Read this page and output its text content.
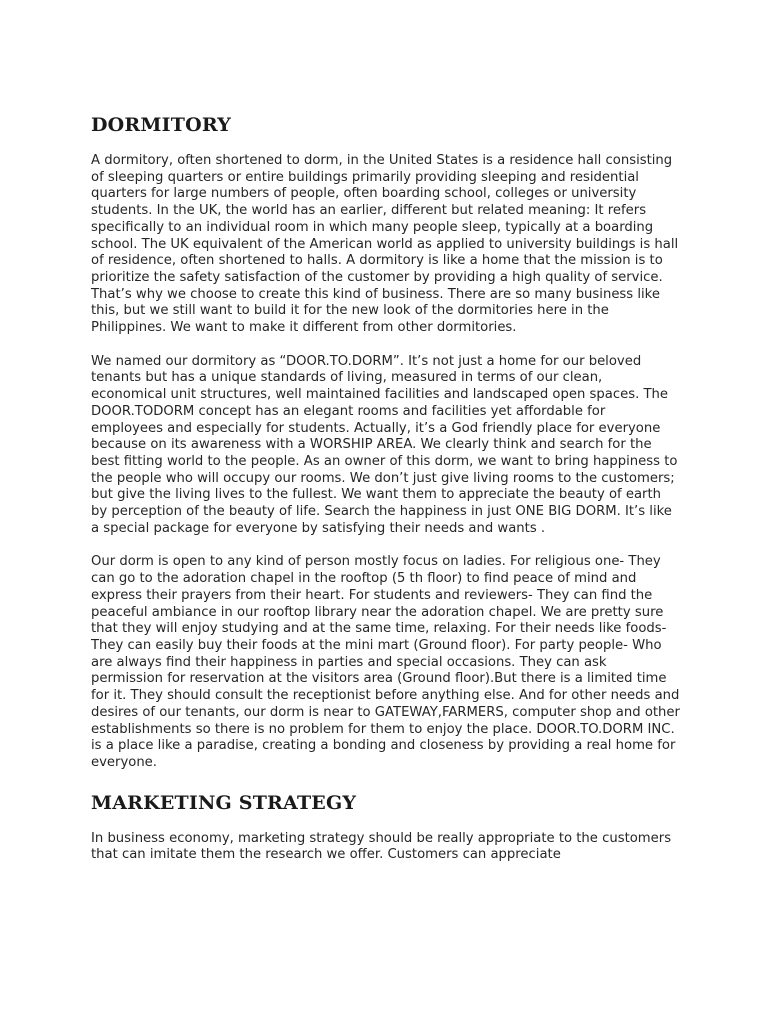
DORMITORY

A dormitory, often shortened to dorm, in the United States is a residence hall consisting of sleeping quarters or entire buildings primarily providing sleeping and residential quarters for large numbers of people, often boarding school, colleges or university students. In the UK, the world has an earlier, different but related meaning: It refers specifically to an individual room in which many people sleep, typically at a boarding school. The UK equivalent of the American world as applied to university buildings is hall of residence, often shortened to halls. A dormitory is like a home that the mission is to prioritize the safety satisfaction of the customer by providing a high quality of service. That’s why we choose to create this kind of business. There are so many business like this, but we still want to build it for the new look of the dormitories here in the Philippines. We want to make it different from other dormitories.

We named our dormitory as “DOOR.TO.DORM”. It’s not just a home for our beloved tenants but has a unique standards of living, measured in terms of our clean, economical unit structures, well maintained facilities and landscaped open spaces. The DOOR.TODORM concept has an elegant rooms and facilities yet affordable for employees and especially for students. Actually, it’s a God friendly place for everyone because on its awareness with a WORSHIP AREA. We clearly think and search for the best fitting world to the people. As an owner of this dorm, we want to bring happiness to the people who will occupy our rooms. We don’t just give living rooms to the customers; but give the living lives to the fullest. We want them to appreciate the beauty of earth by perception of the beauty of life. Search the happiness in just ONE BIG DORM. It’s like a special package for everyone by satisfying their needs and wants .

Our dorm is open to any kind of person mostly focus on ladies. For religious one- They can go to the adoration chapel in the rooftop (5 th floor) to find peace of mind and express their prayers from their heart. For students and reviewers- They can find the peaceful ambiance in our rooftop library near the adoration chapel. We are pretty sure that they will enjoy studying and at the same time, relaxing. For their needs like foods- They can easily buy their foods at the mini mart (Ground floor). For party people- Who are always find their happiness in parties and special occasions. They can ask permission for reservation at the visitors area (Ground floor).But there is a limited time for it. They should consult the receptionist before anything else. And for other needs and desires of our tenants, our dorm is near to GATEWAY,FARMERS, computer shop and other establishments so there is no problem for them to enjoy the place. DOOR.TO.DORM INC. is a place like a paradise, creating a bonding and closeness by providing a real home for everyone.

MARKETING STRATEGY

In business economy, marketing strategy should be really appropriate to the customers that can imitate them the research we offer. Customers can appreciate
